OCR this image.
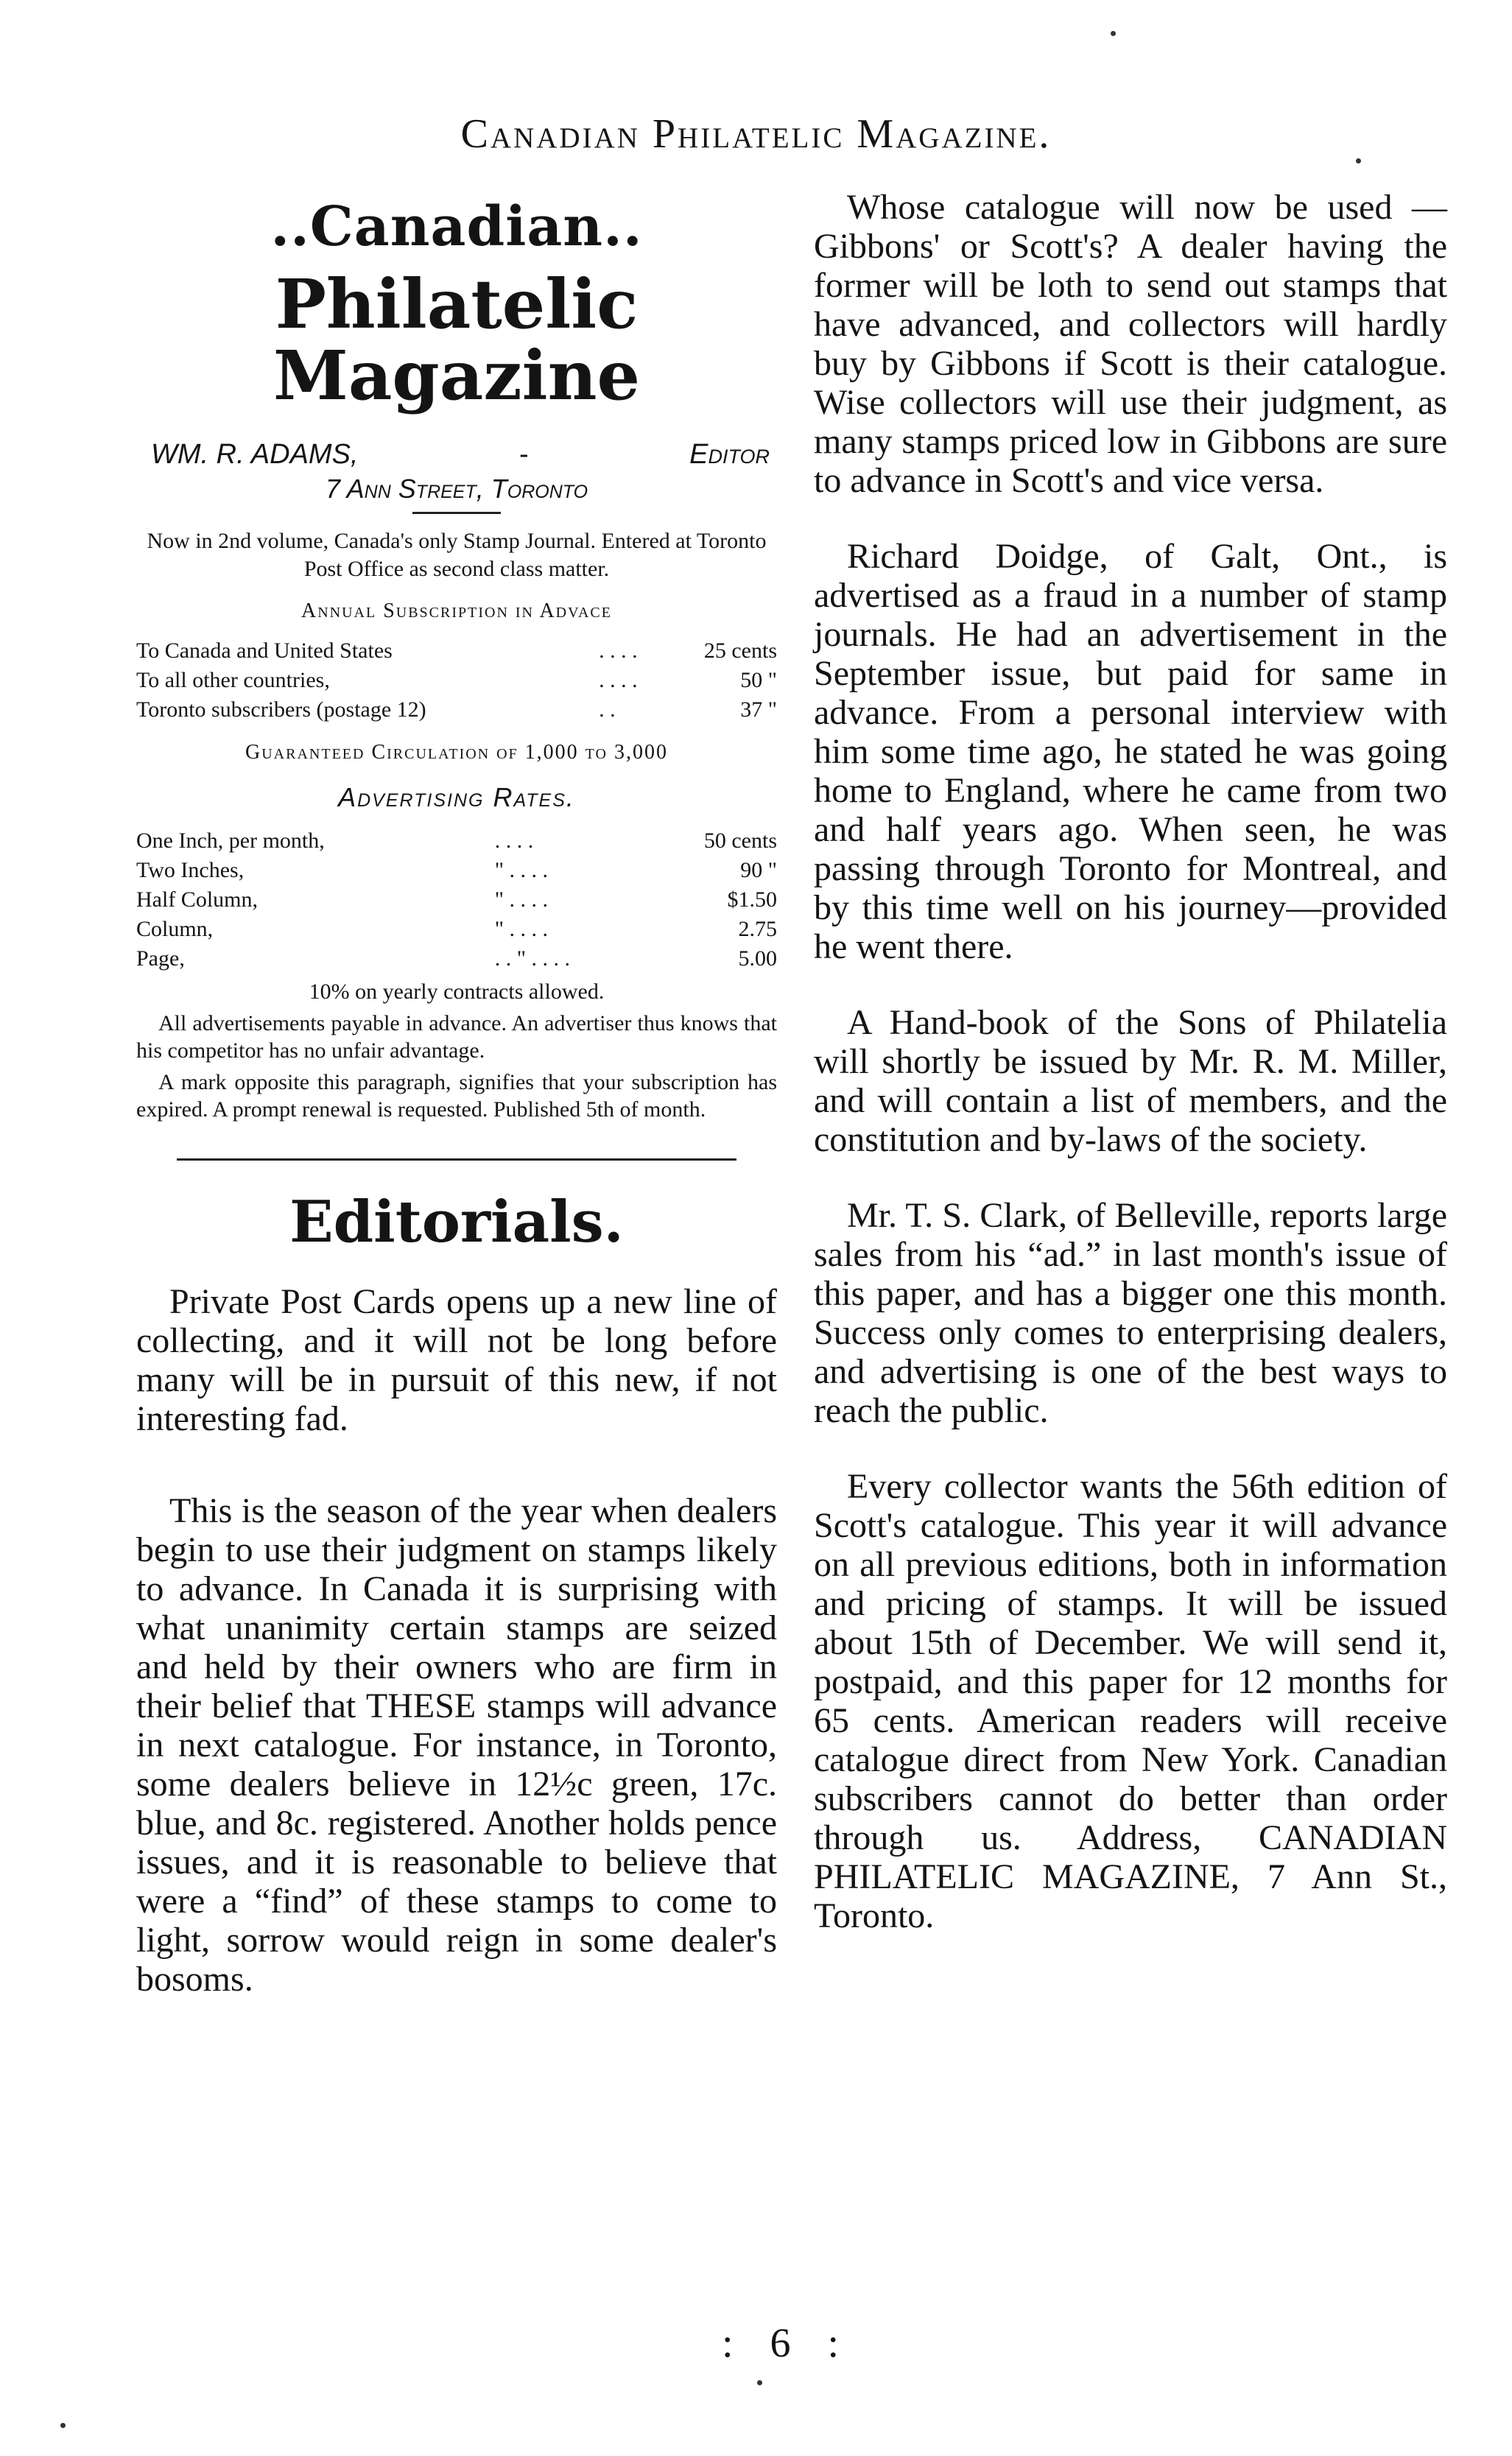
Canadian Philatelic Magazine.
..Canadian..
Philatelic Magazine
WM. R. ADAMS,	-	Editor
7 Ann Street, Toronto
Now in 2nd volume, Canada's only Stamp Journal. Entered at Toronto Post Office as second class matter.
Annual Subscription in Advace
To Canada and United States	. . . .	25 cents
To all other countries,	. . . .	50 "
Toronto subscribers (postage 12)	. .	37 "
Guaranteed Circulation of 1,000 to 3,000
Advertising Rates.
One Inch, per month,	. . . .	50 cents
Two Inches,	" . . . .	90 "
Half Column,	" . . . .	$1.50
Column,	" . . . .	2.75
Page,	. . " . . . .	5.00
10% on yearly contracts allowed.
All advertisements payable in advance. An advertiser thus knows that his competitor has no unfair advantage.
A mark opposite this paragraph, signifies that your subscription has expired. A prompt renewal is requested. Published 5th of month.
Editorials.

Private Post Cards opens up a new line of collecting, and it will not be long before many will be in pursuit of this new, if not interesting fad.

This is the season of the year when dealers begin to use their judgment on stamps likely to advance. In Canada it is surprising with what unanimity certain stamps are seized and held by their owners who are firm in their belief that THESE stamps will advance in next catalogue. For instance, in Toronto, some dealers believe in 12½c green, 17c. blue, and 8c. registered. Another holds pence issues, and it is reasonable to believe that were a “find” of these stamps to come to light, sorrow would reign in some dealer's bosoms.

Whose catalogue will now be used — Gibbons' or Scott's? A dealer having the former will be loth to send out stamps that have advanced, and collectors will hardly buy by Gibbons if Scott is their catalogue. Wise collectors will use their judgment, as many stamps priced low in Gibbons are sure to advance in Scott's and vice versa.

Richard Doidge, of Galt, Ont., is advertised as a fraud in a number of stamp journals. He had an advertisement in the September issue, but paid for same in advance. From a personal interview with him some time ago, he stated he was going home to England, where he came from two and half years ago. When seen, he was passing through Toronto for Montreal, and by this time well on his journey—provided he went there.

A Hand-book of the Sons of Philatelia will shortly be issued by Mr. R. M. Miller, and will contain a list of members, and the constitution and by-laws of the society.

Mr. T. S. Clark, of Belleville, reports large sales from his “ad.” in last month's issue of this paper, and has a bigger one this month. Success only comes to enterprising dealers, and advertising is one of the best ways to reach the public.

Every collector wants the 56th edition of Scott's catalogue. This year it will advance on all previous editions, both in information and pricing of stamps. It will be issued about 15th of December. We will send it, postpaid, and this paper for 12 months for 65 cents. American readers will receive catalogue direct from New York. Canadian subscribers cannot do better than order through us. Address, CANADIAN PHILATELIC MAGAZINE, 7 Ann St., Toronto.

: 6 :
